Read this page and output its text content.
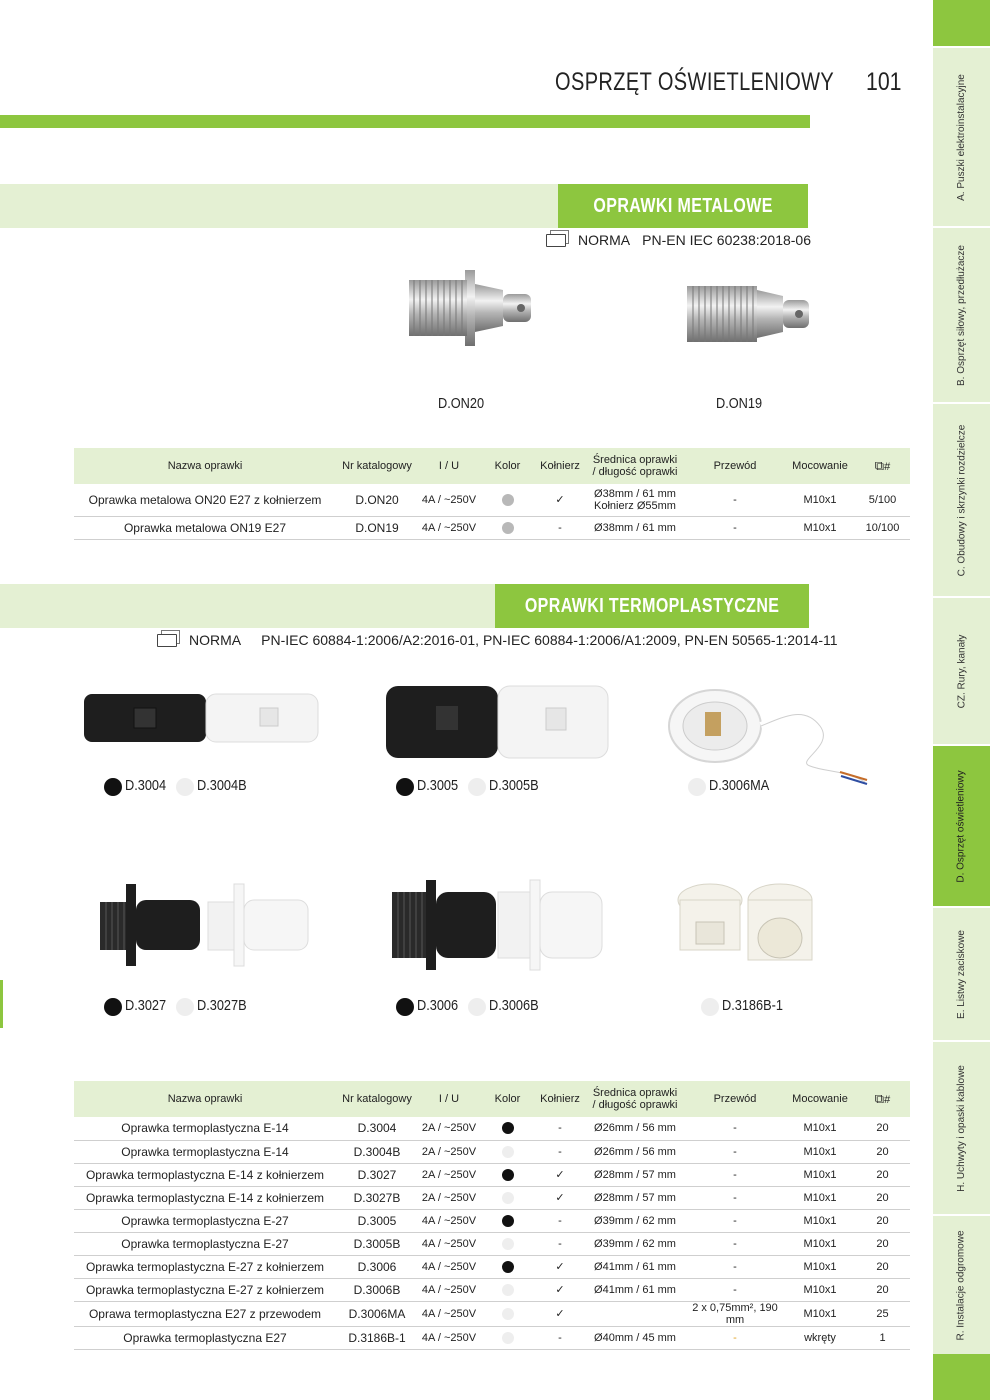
OSPRZĘT OŚWIETLENIOWY 101	A. Puszki elektroinstalacyjne
B. Osprzęt siłowy, przedłużacze
C. Obudowy i skrzynki rozdzielcze
CZ. Rury, kanały
D. Osprzęt oświetleniowy
E. Listwy zaciskowe
H. Uchwyty i opaski kablowe
R. Instalacje odgromowe
OPRAWKI METALOWE
NORMA PN-EN IEC 60238:2018-06
D.ON20	D.ON19
Nazwa oprawki	Nr katalogowy	I / U	Kolor	Kołnierz	Średnica oprawki
/ długość oprawki	Przewód	Mocowanie	⧉#
Oprawka metalowa ON20 E27 z kołnierzem	D.ON20	4A / ~250V		✓	Ø38mm / 61 mm
Kołnierz Ø55mm	-	M10x1	5/100
Oprawka metalowa ON19 E27	D.ON19	4A / ~250V		-	Ø38mm / 61 mm	-	M10x1	10/100
OPRAWKI TERMOPLASTYCZNE
NORMA PN-IEC 60884-1:2006/A2:2016-01, PN-IEC 60884-1:2006/A1:2009, PN-EN 50565-1:2014-11
D.3004 D.3004B	D.3005 D.3005B	D.3006MA
D.3027 D.3027B	D.3006 D.3006B	D.3186B-1
Nazwa oprawki	Nr katalogowy	I / U	Kolor	Kołnierz	Średnica oprawki
/ długość oprawki	Przewód	Mocowanie	⧉#
Oprawka termoplastyczna E-14	D.3004	2A / ~250V		-	Ø26mm / 56 mm	-	M10x1	20
Oprawka termoplastyczna E-14	D.3004B	2A / ~250V		-	Ø26mm / 56 mm	-	M10x1	20
Oprawka termoplastyczna E-14 z kołnierzem	D.3027	2A / ~250V		✓	Ø28mm / 57 mm	-	M10x1	20
Oprawka termoplastyczna E-14 z kołnierzem	D.3027B	2A / ~250V		✓	Ø28mm / 57 mm	-	M10x1	20
Oprawka termoplastyczna E-27	D.3005	4A / ~250V		-	Ø39mm / 62 mm	-	M10x1	20
Oprawka termoplastyczna E-27	D.3005B	4A / ~250V		-	Ø39mm / 62 mm	-	M10x1	20
Oprawka termoplastyczna E-27 z kołnierzem	D.3006	4A / ~250V		✓	Ø41mm / 61 mm	-	M10x1	20
Oprawka termoplastyczna E-27 z kołnierzem	D.3006B	4A / ~250V		✓	Ø41mm / 61 mm	-	M10x1	20
Oprawa termoplastyczna E27 z przewodem	D.3006MA	4A / ~250V		✓		2 x 0,75mm², 190 mm	M10x1	25
Oprawka termoplastyczna E27	D.3186B-1	4A / ~250V		-	Ø40mm / 45 mm	-	wkręty	1
